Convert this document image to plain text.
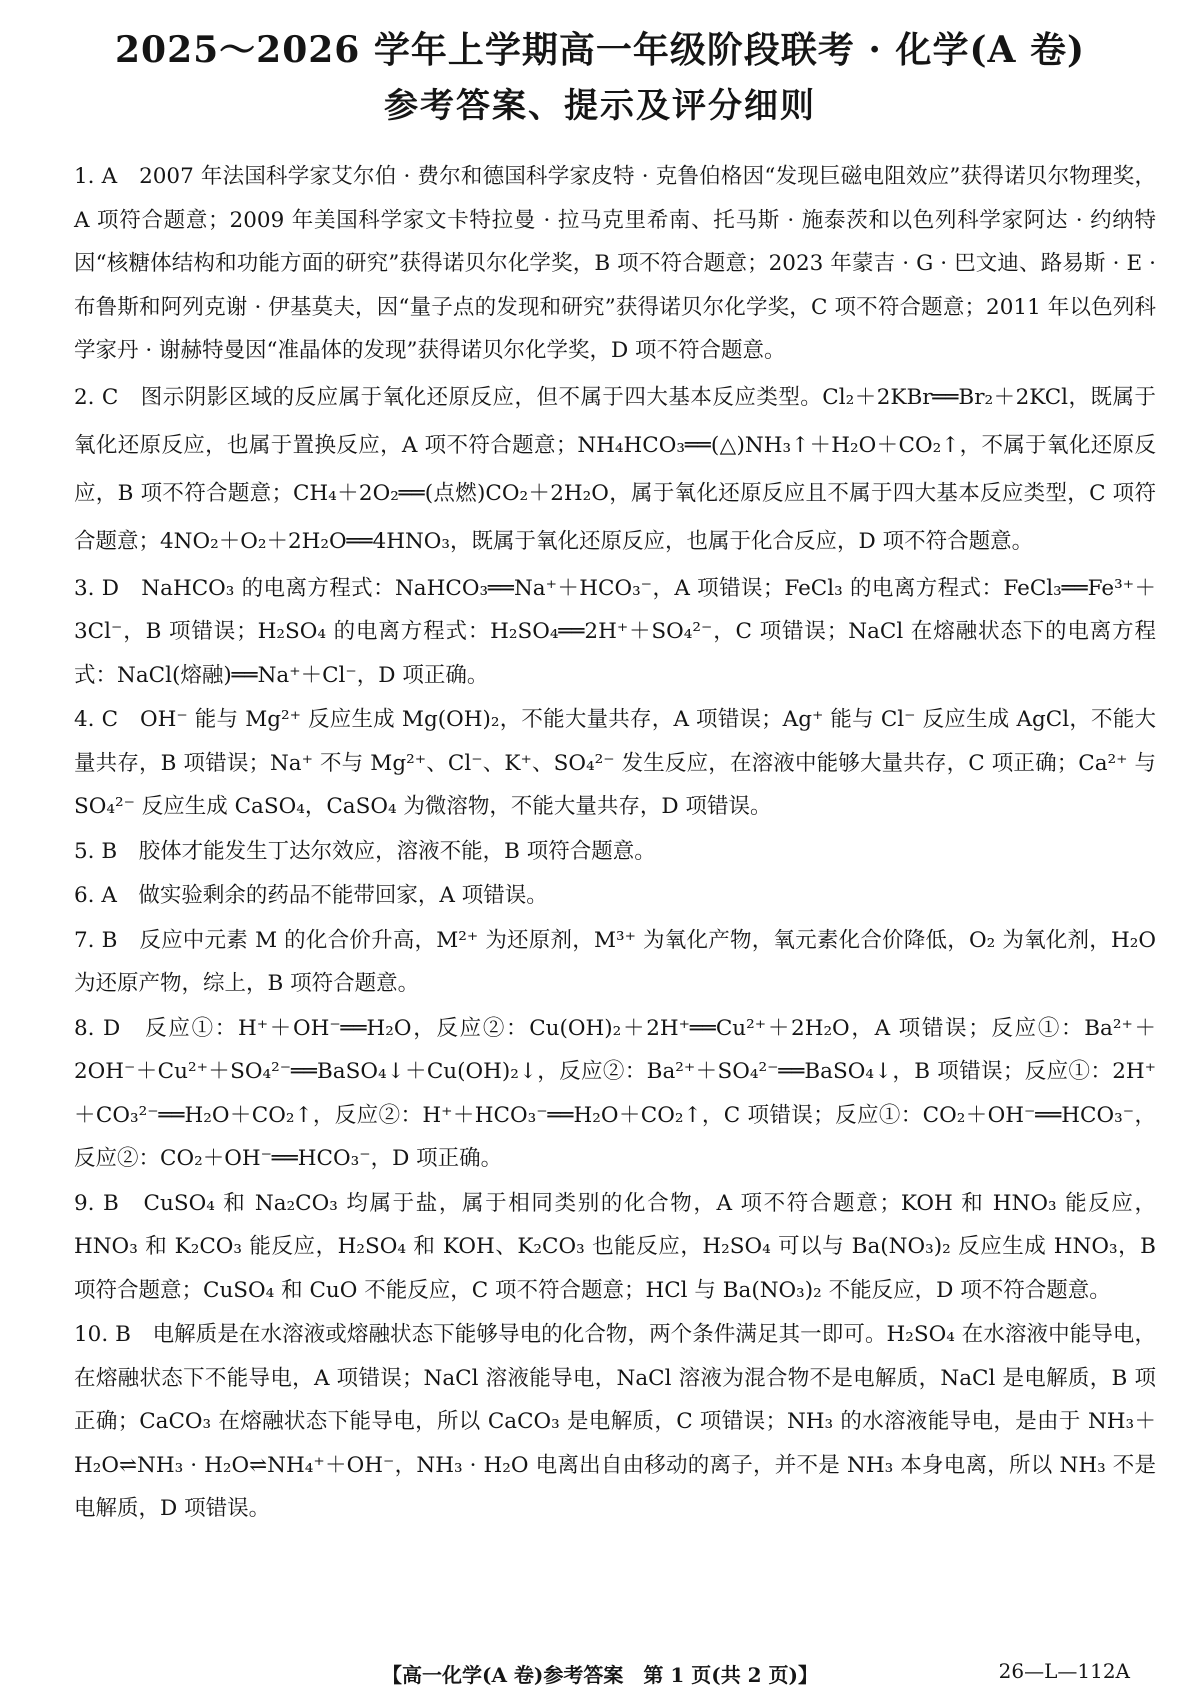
2025～2026 学年上学期高一年级阶段联考 · 化学(A 卷)
参考答案、提示及评分细则
1. A　2007 年法国科学家艾尔伯 · 费尔和德国科学家皮特 · 克鲁伯格因“发现巨磁电阻效应”获得诺贝尔物理奖，A 项符合题意；2009 年美国科学家文卡特拉曼 · 拉马克里希南、托马斯 · 施泰茨和以色列科学家阿达 · 约纳特因“核糖体结构和功能方面的研究”获得诺贝尔化学奖，B 项不符合题意；2023 年蒙吉 · G · 巴文迪、路易斯 · E · 布鲁斯和阿列克谢 · 伊基莫夫，因“量子点的发现和研究”获得诺贝尔化学奖，C 项不符合题意；2011 年以色列科学家丹 · 谢赫特曼因“准晶体的发现”获得诺贝尔化学奖，D 项不符合题意。
2. C　图示阴影区域的反应属于氧化还原反应，但不属于四大基本反应类型。Cl₂＋2KBr══Br₂＋2KCl，既属于氧化还原反应，也属于置换反应，A 项不符合题意；NH₄HCO₃══(△)NH₃↑＋H₂O＋CO₂↑，不属于氧化还原反应，B 项不符合题意；CH₄＋2O₂══(点燃)CO₂＋2H₂O，属于氧化还原反应且不属于四大基本反应类型，C 项符合题意；4NO₂＋O₂＋2H₂O══4HNO₃，既属于氧化还原反应，也属于化合反应，D 项不符合题意。
3. D　NaHCO₃ 的电离方程式：NaHCO₃══Na⁺＋HCO₃⁻，A 项错误；FeCl₃ 的电离方程式：FeCl₃══Fe³⁺＋3Cl⁻，B 项错误；H₂SO₄ 的电离方程式：H₂SO₄══2H⁺＋SO₄²⁻，C 项错误；NaCl 在熔融状态下的电离方程式：NaCl(熔融)══Na⁺＋Cl⁻，D 项正确。
4. C　OH⁻ 能与 Mg²⁺ 反应生成 Mg(OH)₂，不能大量共存，A 项错误；Ag⁺ 能与 Cl⁻ 反应生成 AgCl，不能大量共存，B 项错误；Na⁺ 不与 Mg²⁺、Cl⁻、K⁺、SO₄²⁻ 发生反应，在溶液中能够大量共存，C 项正确；Ca²⁺ 与 SO₄²⁻ 反应生成 CaSO₄，CaSO₄ 为微溶物，不能大量共存，D 项错误。
5. B　胶体才能发生丁达尔效应，溶液不能，B 项符合题意。
6. A　做实验剩余的药品不能带回家，A 项错误。
7. B　反应中元素 M 的化合价升高，M²⁺ 为还原剂，M³⁺ 为氧化产物，氧元素化合价降低，O₂ 为氧化剂，H₂O 为还原产物，综上，B 项符合题意。
8. D　反应①：H⁺＋OH⁻══H₂O，反应②：Cu(OH)₂＋2H⁺══Cu²⁺＋2H₂O，A 项错误；反应①：Ba²⁺＋2OH⁻＋Cu²⁺＋SO₄²⁻══BaSO₄↓＋Cu(OH)₂↓，反应②：Ba²⁺＋SO₄²⁻══BaSO₄↓，B 项错误；反应①：2H⁺＋CO₃²⁻══H₂O＋CO₂↑，反应②：H⁺＋HCO₃⁻══H₂O＋CO₂↑，C 项错误；反应①：CO₂＋OH⁻══HCO₃⁻，反应②：CO₂＋OH⁻══HCO₃⁻，D 项正确。
9. B　CuSO₄ 和 Na₂CO₃ 均属于盐，属于相同类别的化合物，A 项不符合题意；KOH 和 HNO₃ 能反应，HNO₃ 和 K₂CO₃ 能反应，H₂SO₄ 和 KOH、K₂CO₃ 也能反应，H₂SO₄ 可以与 Ba(NO₃)₂ 反应生成 HNO₃，B 项符合题意；CuSO₄ 和 CuO 不能反应，C 项不符合题意；HCl 与 Ba(NO₃)₂ 不能反应，D 项不符合题意。
10. B　电解质是在水溶液或熔融状态下能够导电的化合物，两个条件满足其一即可。H₂SO₄ 在水溶液中能导电，在熔融状态下不能导电，A 项错误；NaCl 溶液能导电，NaCl 溶液为混合物不是电解质，NaCl 是电解质，B 项正确；CaCO₃ 在熔融状态下能导电，所以 CaCO₃ 是电解质，C 项错误；NH₃ 的水溶液能导电，是由于 NH₃＋H₂O⇌NH₃ · H₂O⇌NH₄⁺＋OH⁻，NH₃ · H₂O 电离出自由移动的离子，并不是 NH₃ 本身电离，所以 NH₃ 不是电解质，D 项错误。
【高一化学(A 卷)参考答案　第 1 页(共 2 页)】	26—L—112A
